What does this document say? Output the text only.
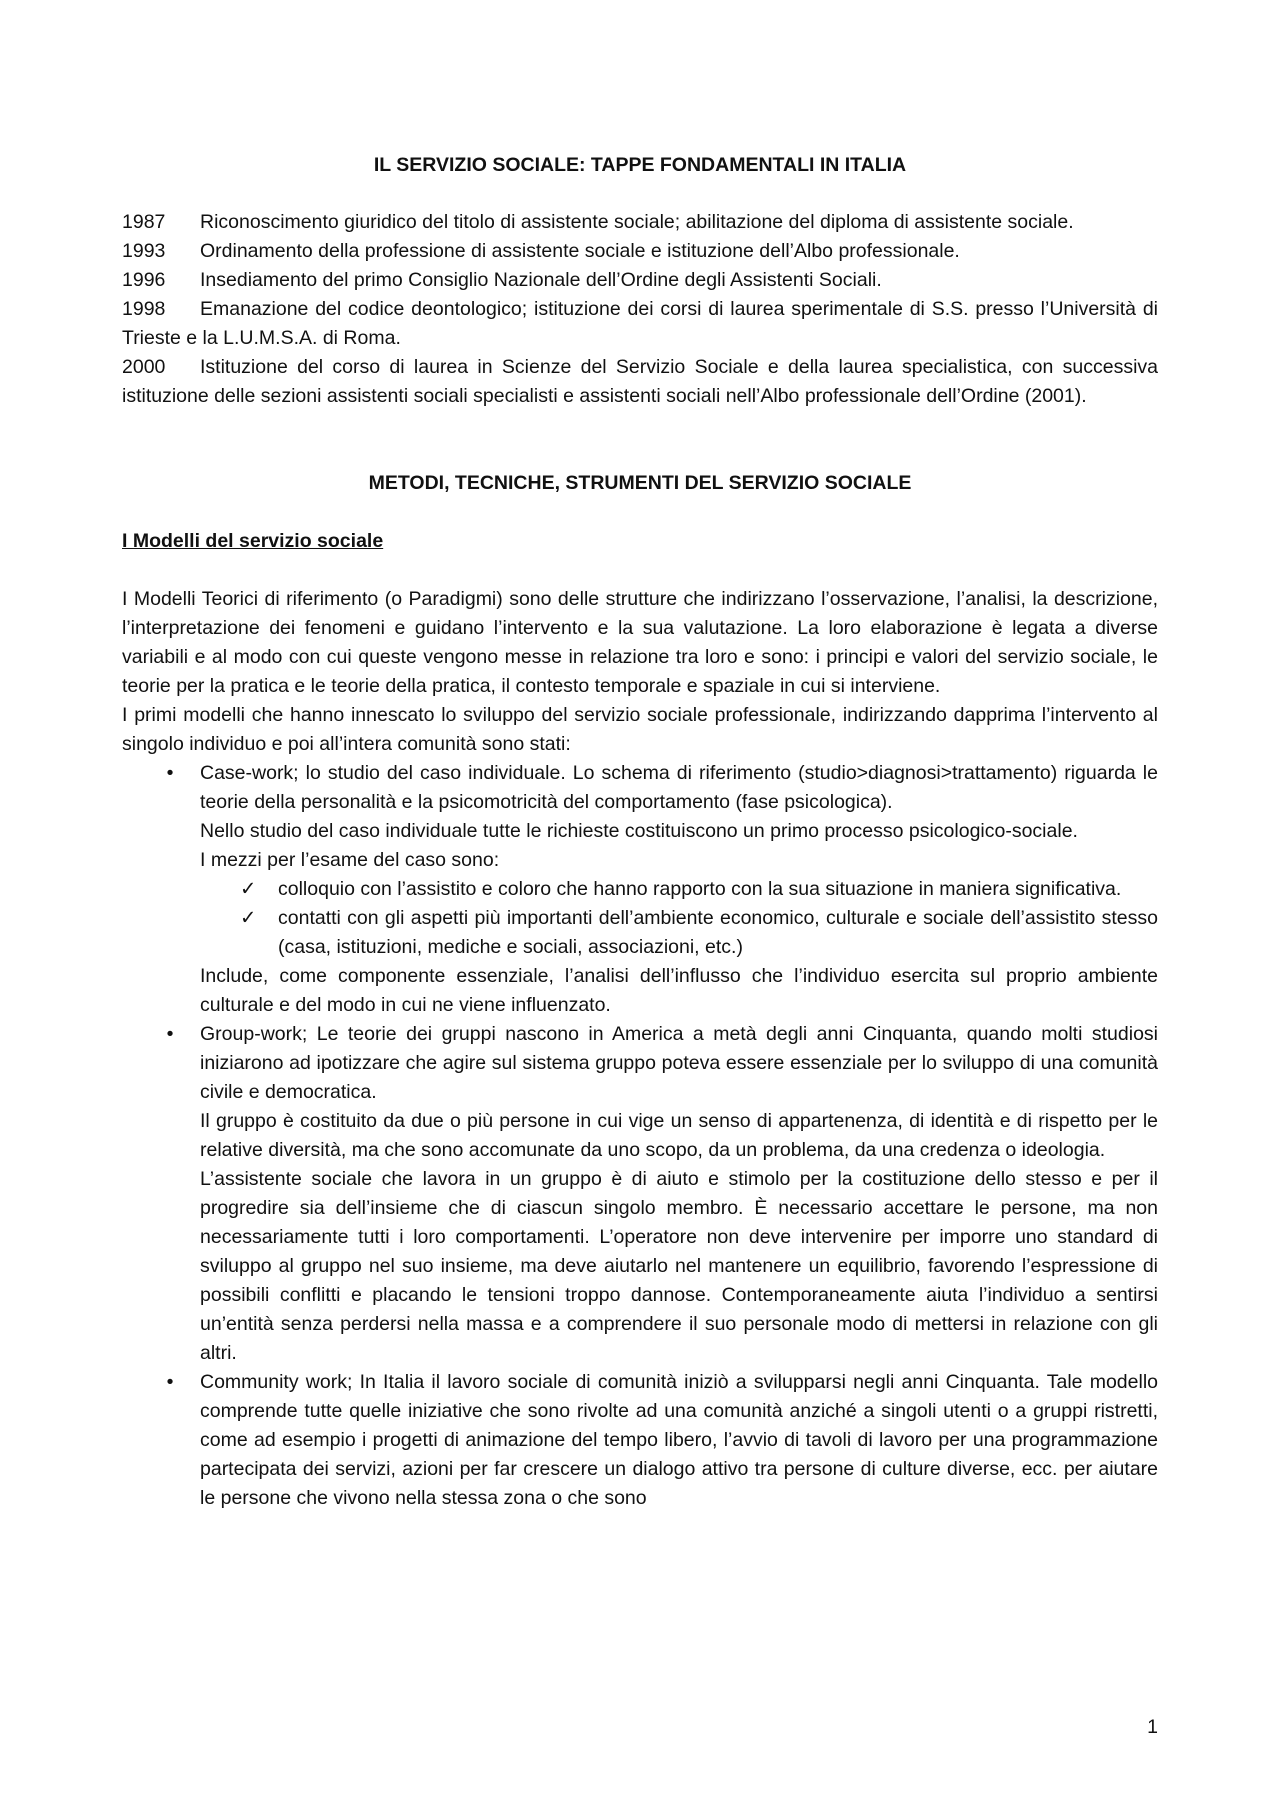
IL SERVIZIO SOCIALE: TAPPE FONDAMENTALI IN ITALIA

1987 Riconoscimento giuridico del titolo di assistente sociale; abilitazione del diploma di assistente sociale.

1993 Ordinamento della professione di assistente sociale e istituzione dell’Albo professionale.

1996 Insediamento del primo Consiglio Nazionale dell’Ordine degli Assistenti Sociali.

1998 Emanazione del codice deontologico; istituzione dei corsi di laurea sperimentale di S.S. presso l’Università di Trieste e la L.U.M.S.A. di Roma.

2000 Istituzione del corso di laurea in Scienze del Servizio Sociale e della laurea specialistica, con successiva istituzione delle sezioni assistenti sociali specialisti e assistenti sociali nell’Albo professionale dell’Ordine (2001).

METODI, TECNICHE, STRUMENTI DEL SERVIZIO SOCIALE

I Modelli del servizio sociale

I Modelli Teorici di riferimento (o Paradigmi) sono delle strutture che indirizzano l’osservazione, l’analisi, la descrizione, l’interpretazione dei fenomeni e guidano l’intervento e la sua valutazione. La loro elaborazione è legata a diverse variabili e al modo con cui queste vengono messe in relazione tra loro e sono: i principi e valori del servizio sociale, le teorie per la pratica e le teorie della pratica, il contesto temporale e spaziale in cui si interviene.

I primi modelli che hanno innescato lo sviluppo del servizio sociale professionale, indirizzando dapprima l’intervento al singolo individuo e poi all’intera comunità sono stati:

•	Case-work; lo studio del caso individuale. Lo schema di riferimento (studio>diagnosi>trattamento) riguarda le teorie della personalità e la psicomotricità del comportamento (fase psicologica).

Nello studio del caso individuale tutte le richieste costituiscono un primo processo psicologico-sociale.

I mezzi per l’esame del caso sono:

✓ colloquio con l’assistito e coloro che hanno rapporto con la sua situazione in maniera significativa.
✓ contatti con gli aspetti più importanti dell’ambiente economico, culturale e sociale dell’assistito stesso (casa, istituzioni, mediche e sociali, associazioni, etc.)

Include, come componente essenziale, l’analisi dell’influsso che l’individuo esercita sul proprio ambiente culturale e del modo in cui ne viene influenzato.

•	Group-work; Le teorie dei gruppi nascono in America a metà degli anni Cinquanta, quando molti studiosi iniziarono ad ipotizzare che agire sul sistema gruppo poteva essere essenziale per lo sviluppo di una comunità civile e democratica.

Il gruppo è costituito da due o più persone in cui vige un senso di appartenenza, di identità e di rispetto per le relative diversità, ma che sono accomunate da uno scopo, da un problema, da una credenza o ideologia.

L’assistente sociale che lavora in un gruppo è di aiuto e stimolo per la costituzione dello stesso e per il progredire sia dell’insieme che di ciascun singolo membro. È necessario accettare le persone, ma non necessariamente tutti i loro comportamenti. L’operatore non deve intervenire per imporre uno standard di sviluppo al gruppo nel suo insieme, ma deve aiutarlo nel mantenere un equilibrio, favorendo l’espressione di possibili conflitti e placando le tensioni troppo dannose. Contemporaneamente aiuta l’individuo a sentirsi un’entità senza perdersi nella massa e a comprendere il suo personale modo di mettersi in relazione con gli altri.

•	Community work; In Italia il lavoro sociale di comunità iniziò a svilupparsi negli anni Cinquanta. Tale modello comprende tutte quelle iniziative che sono rivolte ad una comunità anziché a singoli utenti o a gruppi ristretti, come ad esempio i progetti di animazione del tempo libero, l’avvio di tavoli di lavoro per una programmazione partecipata dei servizi, azioni per far crescere un dialogo attivo tra persone di culture diverse, ecc. per aiutare le persone che vivono nella stessa zona o che sono

1
